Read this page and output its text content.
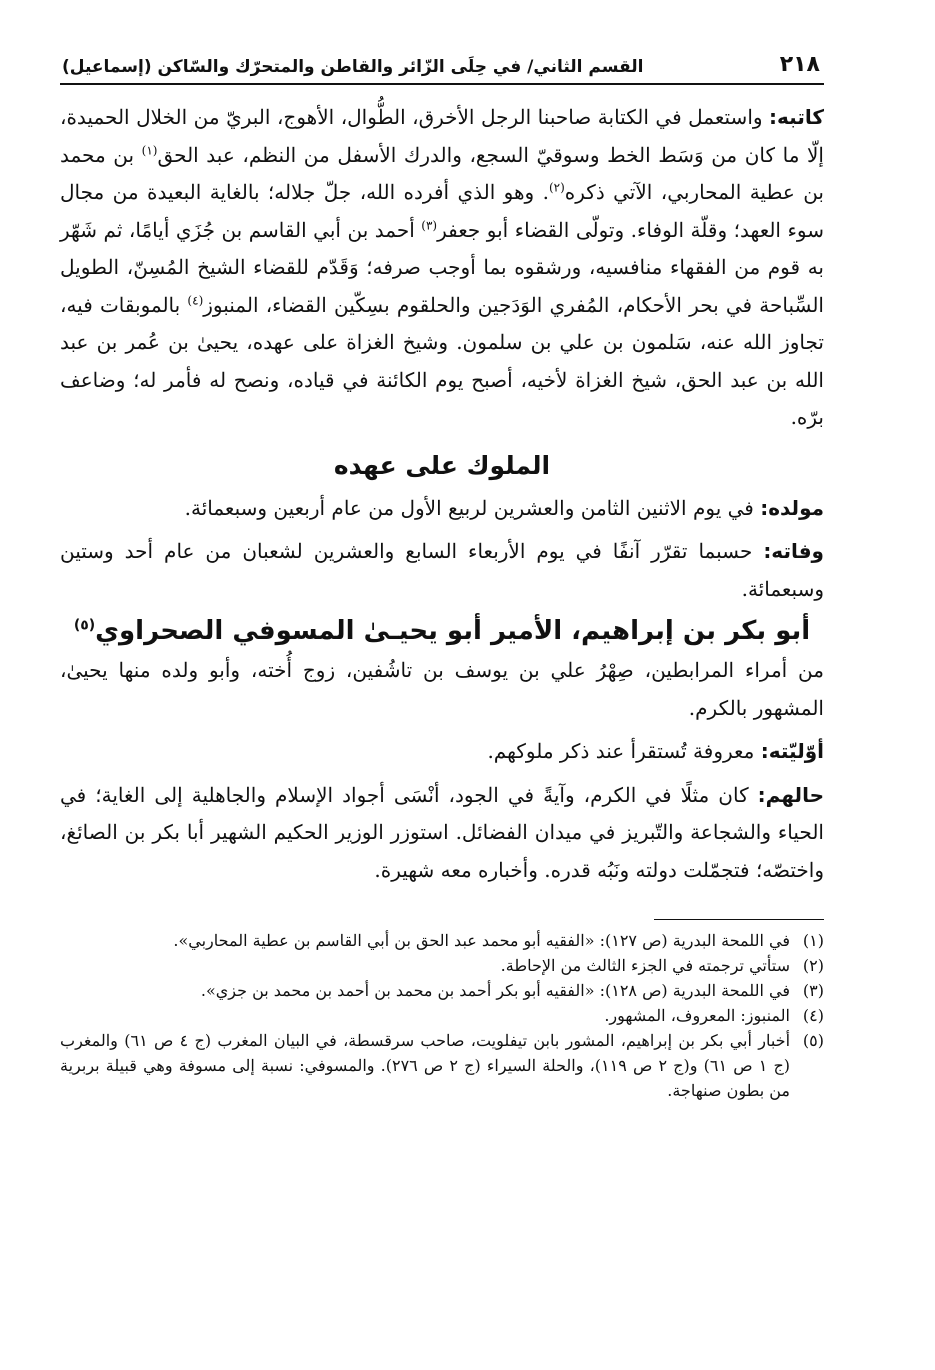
٢١٨
القسم الثاني/ في حِلَى الزّائر والقاطن والمتحرّك والسّاكن (إسماعيل)

كاتبه: واستعمل في الكتابة صاحبنا الرجل الأخرق، الطُّوال، الأهوج، البريّ من الخلال الحميدة، إلّا ما كان من وَسَط الخط وسوقيّ السجع، والدرك الأسفل من النظم، عبد الحق$^{(١)}$ بن محمد بن عطية المحاربي، الآتي ذكره$^{(٢)}$. وهو الذي أفرده الله، جلّ جلاله؛ بالغاية البعيدة من مجال سوء العهد؛ وقلّة الوفاء. وتولّى القضاء أبو جعفر$^{(٣)}$ أحمد بن أبي القاسم بن جُزَي أيامًا، ثم شَهّر به قوم من الفقهاء منافسيه، ورشقوه بما أوجب صرفه؛ وَقَدّم للقضاء الشيخ المُسِنّ، الطويل السِّباحة في بحر الأحكام، المُفري الوَدَجين والحلقوم بسِكّين القضاء، المنبوز$^{(٤)}$ بالموبقات فيه، تجاوز الله عنه، سَلمون بن علي بن سلمون. وشيخ الغزاة على عهده، يحيىٰ بن عُمر بن عبد الله بن عبد الحق، شيخ الغزاة لأخيه، أصبح يوم الكائنة في قياده، ونصح له فأمر له؛ وضاعف برّه.

الملوك على عهده

مولده: في يوم الاثنين الثامن والعشرين لربيع الأول من عام أربعين وسبعمائة.

وفاته: حسبما تقرّر آنفًا في يوم الأربعاء السابع والعشرين لشعبان من عام أحد وستين وسبعمائة.

أبو بكر بن إبراهيم، الأمير أبو يحيـىٰ المسوفي الصحراوي$^{(٥)}$

من أمراء المرابطين، صِهْرُ علي بن يوسف بن تاشُفين، زوج أُخته، وأبو ولده منها يحيىٰ، المشهور بالكرم.

أوّليّته: معروفة تُستقرأ عند ذكر ملوكهم.

حالهم: كان مثلًا في الكرم، وآيةً في الجود، أنْسَى أجواد الإسلام والجاهلية إلى الغاية؛ في الحياء والشجاعة والتّبريز في ميدان الفضائل. استوزر الوزير الحكيم الشهير أبا بكر بن الصائغ، واختصّه؛ فتجمّلت دولته ونَبُه قدره. وأخباره معه شهيرة.

(١)
في اللمحة البدرية (ص ١٢٧): «الفقيه أبو محمد عبد الحق بن أبي القاسم بن عطية المحاربي».

(٢)
ستأتي ترجمته في الجزء الثالث من الإحاطة.

(٣)
في اللمحة البدرية (ص ١٢٨): «الفقيه أبو بكر أحمد بن محمد بن أحمد بن محمد بن جزي».

(٤)
المنبوز: المعروف، المشهور.

(٥)
أخبار أبي بكر بن إبراهيم، المشور بابن تيفلويت، صاحب سرقسطة، في البيان المغرب (ج ٤ ص ٦١) والمغرب (ج ١ ص ٦١) و(ج ٢ ص ١١٩)، والحلة السيراء (ج ٢ ص ٢٧٦). والمسوفي: نسبة إلى مسوفة وهي قبيلة بربرية من بطون صنهاجة.
